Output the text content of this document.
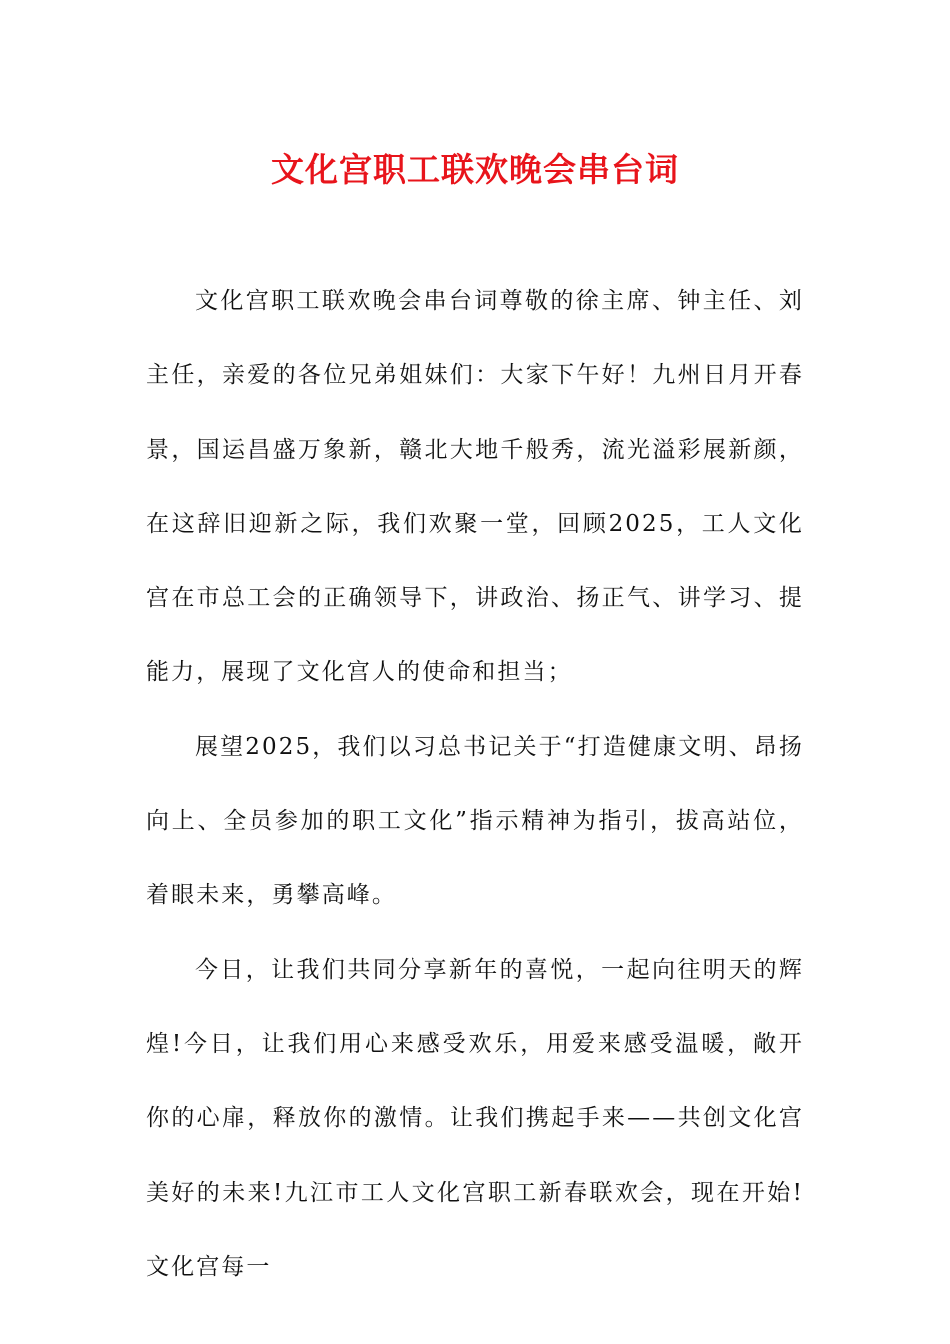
文化宫职工联欢晚会串台词

文化宫职工联欢晚会串台词尊敬的徐主席、钟主任、刘主任，亲爱的各位兄弟姐妹们：大家下午好！九州日月开春景，国运昌盛万象新，赣北大地千般秀，流光溢彩展新颜，在这辞旧迎新之际，我们欢聚一堂，回顾2025，工人文化宫在市总工会的正确领导下，讲政治、扬正气、讲学习、提能力，展现了文化宫人的使命和担当；

展望2025，我们以习总书记关于“打造健康文明、昂扬向上、全员参加的职工文化”指示精神为指引，拔高站位，着眼未来，勇攀高峰。

今日，让我们共同分享新年的喜悦，一起向往明天的辉煌!今日，让我们用心来感受欢乐，用爱来感受温暖，敞开你的心扉，释放你的激情。让我们携起手来——共创文化宫美好的未来!九江市工人文化宫职工新春联欢会，现在开始!文化宫每一
